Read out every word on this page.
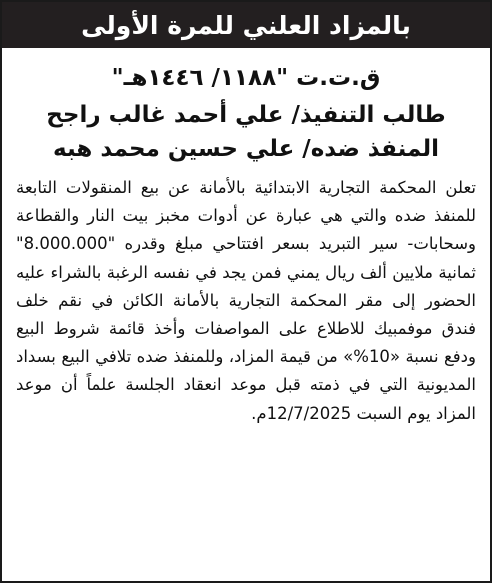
بالمزاد العلني للمرة الأولى
ق.ت.ت "١١٨٨/ ١٤٤٦هـ"
طالب التنفيذ/ علي أحمد غالب راجح
المنفذ ضده/ علي حسين محمد هبه

تعلن المحكمة التجارية الابتدائية بالأمانة عن بيع المنقولات التابعة للمنفذ ضده والتي هي عبارة عن أدوات مخبز بيت النار والقطاعة وسحابات- سير التبريد بسعر افتتاحي مبلغ وقدره "8.000.000" ثمانية ملايين ألف ريال يمني فمن يجد في نفسه الرغبة بالشراء عليه الحضور إلى مقر المحكمة التجارية بالأمانة الكائن في نقم خلف فندق موفمبيك للاطلاع على المواصفات وأخذ قائمة شروط البيع ودفع نسبة «10%» من قيمة المزاد، وللمنفذ ضده تلافي البيع بسداد المديونية التي في ذمته قبل موعد انعقاد الجلسة علماً أن موعد المزاد يوم السبت 12/7/2025م.
